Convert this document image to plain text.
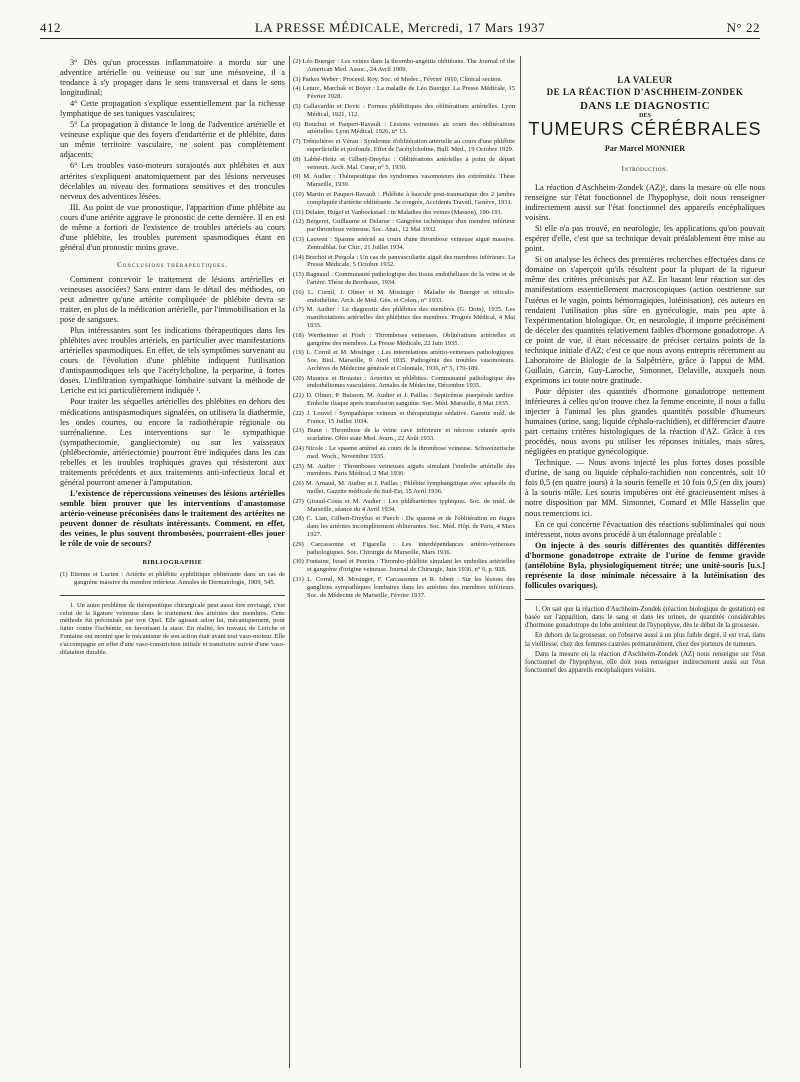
412	LA PRESSE MÉDICALE, Mercredi, 17 Mars 1937	N° 22

3° Dès qu'un processus inflammatoire a mordu sur une adventice artérielle ou veineuse ou sur une mésoveine, il a tendance à s'y propager dans le sens transversal et dans le sens longitudinal;

4° Cette propagation s'explique essentiellement par la richesse lymphatique de ses tuniques vasculaires;

5° La propagation à distance le long de l'adventice artérielle et veineuse explique que des foyers d'endartérite et de phlébite, dans un même territoire vasculaire, ne soient pas complètement adjacents;

6° Les troubles vaso-moteurs surajoutés aux phlébites et aux artérites s'expliquent anatomiquement par des lésions nerveuses décelables au niveau des formations sensitives et des troncules nerveux des adventices lésées.

III. Au point de vue pronostique, l'apparition d'une phlébite au cours d'une artérite aggrave le pronostic de cette dernière. Il en est de même a fortiori de l'existence de troubles artériels au cours d'une phlébite, les troubles purement spasmodiques étant en général d'un pronostic moins grave.

Conclusions thérapeutiques.

Comment concevoir le traitement de lésions artérielles et veineuses associées? Sans entrer dans le détail des méthodes, on peut admettre qu'une artérite compliquée de phlébite devra se traiter, en plus de la médication artérielle, par l'immobilisation et la pose de sangsues.

Plus intéressantes sont les indications thérapeutiques dans les phlébites avec troubles artériels, en particulier avec manifestations artérielles spasmodiques. En effet, de tels symptômes survenant au cours de l'évolution d'une phlébite indiquent l'utilisation d'antispasmodiques tels que l'acétylcholine, la perparine, à fortes doses. L'infiltration sympathique lombaire suivant la méthode de Leriche est ici particulièrement indiquée ¹.

Pour traiter les séquelles artérielles des phlébites en dehors des médications antispasmodiques signalées, on utilisera la diathermie, les ondes courtes, ou encore la radiothérapie régionale ou surrénalienne. Les interventions sur le sympathique (sympathectomie, gangliectomie) ou sur les vaisseaux (phlébectomie, artériectomie) pourront être indiquées dans les cas rebelles et les troubles trophiques graves qui résisteront aux traitements précédents et aux traitements anti-infectieux local et général pourront amener à l'amputation.

L'existence de répercussions veineuses des lésions artérielles semble bien prouver que les interventions d'anastomose artério-veineuse préconisées dans le traitement des artérites ne peuvent donner de résultats intéressants. Comment, en effet, des veines, le plus souvent thrombosées, pourraient-elles jouer le rôle de voie de secours?

BIBLIOGRAPHIE

(1) Etienne et Lucien : Artérite et phlébite syphilitique oblitérante dans un cas de gangrène massive du membre inférieur. Annales de Dermatologie, 1909, 545.

1. Un autre problème de thérapeutique chirurgicale peut aussi être envisagé, c'est celui de la ligature veineuse dans le traitement des artérites des membres. Cette méthode fut préconisée par von Opel. Elle agissait selon lui, mécaniquement, pour lutter contre l'ischémie, en favorisant la stase. En réalité, les travaux de Leriche et Fontaine ont montré que le mécanisme de son action était avant tout vaso-moteur. Elle s'accompagne en effet d'une vaso-constriction initiale et transitoire suivie d'une vaso-dilatation durable.

(2) Léo Buerger : Les veines dans la thrombo-angéitis oblitérans. The Journal of the American Med. Assoc., 24 Avril 1909.

(3) Parkes Weber : Proceed. Roy. Soc. of Medec., Février 1910, Clinical section.

(4) Leturc, Marchak et Boyer : La maladie de Léo Buerger. La Presse Médicale, 15 Février 1928.

(5) Gallavardin et Devic : Formes phlébitiques des oblitérations artérielles. Lyon Médical, 1921, 112.

(6) Bouchut et Paupert-Ravault : Lésions veineuses au cours des oblitérations artérielles. Lyon Médical, 1926, n° 13.

(7) Trémolières et Véran : Syndrome d'oblitération artérielle au cours d'une phlébite superficielle et profonde. Effet de l'acétylcholine. Bull. Méd., 19 Octobre 1929.

(8) Labbé-Heitz et Gilbert-Dreyfus : Oblitérations artérielles à point de départ veineux. Arch. Mal. Cœur, n° 5, 1930.

(9) M. Audier : Thérapeutique des syndromes vasomoteurs des extrémités. Thèse Marseille, 1930.

(10) Martin et Paupert-Ravault : Phlébite à bascule post-traumatique des 2 jambes compliquée d'artérite oblitérante. 3e congrès, Accidents Travail, Genève, 1931.

(11) Delater, Hugel et Vanbockstael : in Maladies des veines (Masson), 190-191.

(12) Bergeret, Guillaume et Delarue : Gangrène ischémique d'un membre inférieur par thrombose veineuse. Soc. Anat., 12 Mai 1932.

(13) Lauwen : Spasme artériel au cours d'une thrombose veineuse aiguë massive. Zentralblat. fur Chir., 21 Juillet 1934.

(14) Brechot et Pergola : Un cas de panvascularite aiguë des membres inférieurs. La Presse Médicale, 5 Octobre 1932.

(15) Ragnaud : Communauté pathologique des tissus endothéliaux de la veine et de l'artère. Thèse de Bordeaux, 1934.

(16) L. Cornil, J. Olmer et M. Mosinger : Maladie de Buerger et réticulo-endothéliite. Arch. de Méd. Gén. et Colon., n° 1933.

(17) M. Audier : Le diagnostic des phlébites des membres (G. Doin), 1935. Les manifestations artérielles des phlébites des membres. Progrès Médical, 4 Mai 1935.

(18) Wertheimer et Frieh : Thromboses veineuses. Oblitérations artérielles et gangrène des membres. La Presse Médicale, 22 Juin 1935.

(19) L. Cornil et M. Mosinger : Les interrelations artério-veineuses pathologiques. Soc. Biol. Marseille, 9 Avril 1935. Pathogénie des troubles vasomoteurs. Archives de Médecine générale et Coloniale, 1936, n° 5, 170-189.

(20) Maurice et Brouster : Artérites et phlébites. Communauté pathologique des endothéliomes vasculaires. Annales de Médecine, Décembre 1935.

(21) D. Olmer, P. Buisson, M. Audier et J. Paillas : Septicémie puerpérale tardive. Embolie iliaque après transfusion sanguine. Soc. Méd. Marseille, 8 Mai 1935.

(22) J. Louvel : Sympathique veineux et thérapeutique sédative. Gazette méd. de France, 15 Juillet 1934.

(23) Bunn : Thrombose de la veine cave inférieure et nécrose cutanée après scarlatine. Ohio state Med. Journ., 22 Août 1933.

(24) Nicole : Le spasme artériel au cours de la thrombose veineuse. Schweizerische med. Woch., Novembre 1935.

(25) M. Audier : Thromboses veineuses aiguës simulant l'embolie artérielle des membres. Paris Médical, 2 Mai 1936.

(26) M. Arnaud, M. Audier et J. Paillas : Phlébite lymphangitique avec sphacèle du mollet. Gazette médicale du Sud-Est, 15 Avril 1936.

(27) Giraud-Costa et M. Audier : Les phlébartérites typhiques. Soc. de méd. de Marseille, séance du 4 Avril 1934.

(28) C. Lian, Gilbert-Dreyfus et Puech : Du spasme et de l'oblitération en étages dans les artérites incomplètement oblitérantes. Soc. Méd. Hôp. de Paris, 4 Mars 1927.

(29) Carcassonne et Figarella : Les interdépendances artério-veineuses pathologiques. Soc. Chirurgie de Marseille, Mars 1936.

(30) Fontaine, Israel et Pereira : Thrombo-phlébite simulant les embolies artérielles et gangrène d'origine veineuse. Journal de Chirurgie, Juin 1936, n° 6, p. 928.

(31) L. Cornil, M. Mosinger, F. Carcassonne et R. Isbert : Sur les lésions des ganglions sympathiques lombaires dans les artérites des membres inférieurs. Soc. de Médecine de Marseille, Février 1937.

LA VALEUR
DE LA RÉACTION D'ASCHHEIM-ZONDEK
DANS LE DIAGNOSTIC
DES
TUMEURS CÉRÉBRALES
Par Marcel MONNIER
Introduction.

La réaction d'Aschheim-Zondek (AZ)¹, dans la mesure où elle nous renseigne sur l'état fonctionnel de l'hypophyse, doit nous renseigner indirectement aussi sur l'état fonctionnel des appareils encéphaliques voisins.

Si elle n'a pas trouvé, en neurologie, les applications qu'on pouvait espérer d'elle, c'est que sa technique devait préalablement être mise au point.

Si on analyse les échecs des premières recherches effectuées dans ce domaine on s'aperçoit qu'ils résultent pour la plupart de la rigueur même des critères préconisés par AZ. En basant leur réaction sur des manifestations essentiellement macroscopiques (action oestrienne sur l'utérus et le vagin, points hémorragiques, lutéinisation), ces auteurs en rendaient l'utilisation plus sûre en gynécologie, mais peu apte à l'expérimentation biologique. Or, en neurologie, il importe précisément de déceler des quantités relativement faibles d'hormone gonadotrope. A ce point de vue, il était nécessaire de préciser certains points de la technique initiale d'AZ; c'est ce que nous avons entrepris récemment au Laboratoire de Biologie de la Salpêtrière, grâce à l'appui de MM. Guillain, Garcin, Guy-Laroche, Simonnet, Delaville, auxquels nous exprimons ici toute notre gratitude.

Pour dépister des quantités d'hormone gonadotrope nettement inférieures à celles qu'on trouve chez la femme enceinte, il nous a fallu injecter à l'animal les plus grandes quantités possible d'humeurs humaines (urine, sang, liquide céphalo-rachidien), et différencier d'autre part certains critères histologiques de la réaction d'AZ. Grâce à ces procédés, nous avons pu utiliser les réponses initiales, mais sûres, négligées en pratique gynécologique.

Technique. — Nous avons injecté les plus fortes doses possible d'urine, de sang ou liquide céphalo-rachidien non concentrés, soit 10 fois 0,5 (en quatre jours) à la souris femelle et 10 fois 0,5 (en dix jours) à la souris mâle. Les souris impubères ont été gracieusement mises à notre disposition par MM. Simonnet, Comard et Mlle Hasselin que nous remercions ici.

En ce qui concerne l'évacuation des réactions subliminales qui nous intéressent, nous avons procédé à un étalonnage préalable :

On injecte à des souris différentes des quantités différentes d'hormone gonadotrope extraite de l'urine de femme gravide (antélobine Byla, physiologiquement titrée; une unité-souris [u.s.] représente la dose minimale nécessaire à la lutéinisation des follicules ovariques).

1. On sait que la réaction d'Aschheim-Zondek (réaction biologique de gestation) est basée sur l'apparition, dans le sang et dans les urines, de quantités considérables d'hormone gonadotrope du lobe antérieur de l'hypophyse, dès le début de la grossesse.

En dehors de la grossesse, on l'observe aussi à un plus faible degré, il est vrai, dans la vieillesse, chez des femmes castrées prématurément, chez des porteurs de tumeurs.

Dans la mesure où la réaction d'Aschheim-Zondek (AZ) nous renseigne sur l'état fonctionnel de l'hypophyse, elle doit nous renseigner indirectement aussi sur l'état fonctionnel des appareils encéphaliques voisins.
